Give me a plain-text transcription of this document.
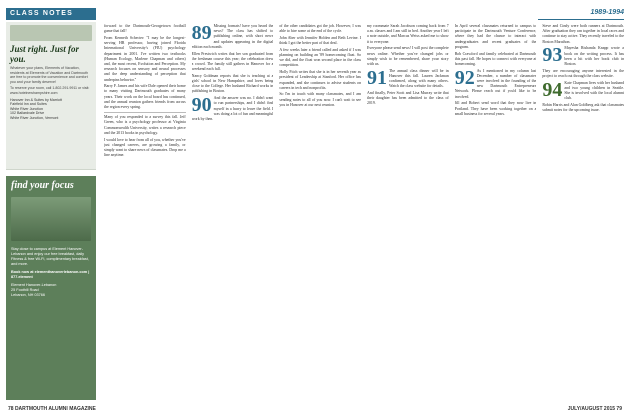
CLASS NOTES
Just right. Just for you.

Whatever your plans, Elements of Vacation, residents at Elements of Vacation and Dartmouth are free to promote the convenience and comfort you and your family deserve!

To reserve your room, call 1.802.291.9911 or visit: www.hotelnewhampshire.com

Hanover Inn & Suites by Marriott
Fairfield Inn and Suites
White River Junction
102 Ballardvale Drive
White River Junction, Vermont
find your focus

Stay close to campus at Element Hanover-Lebanon and enjoy our free breakfast, daily Fitness & free Wi-Fi, complimentary breakfast, and more.

Book now at elementhanoverlebanon.com | 877.element

Element Hanover-Lebanon
25 Foothill Road
Lebanon, NH 03766
78 DARTMOUTH ALUMNI MAGAZINE
1989-1994

forward to the Dartmouth-Georgetown football game that fall!

From Kenneth Schecter: "I may be the longest-serving HR professor, having joined Florida International University's (FIU) psychology department in 2001. I've written two textbooks (Human Ecology, Marlene Chapman and others) and, the most recent, Evolution and Perception. My research focuses on sensory and neural processes and the deep understanding of perception that underpins behavior."

Barry F. James and his wife Dale opened their home to many visiting Dartmouth graduates of many years. Their work on the local board has continued, and the annual reunion gathers friends from across the region every spring.

Many of you responded to a survey this fall. Jeff Green, who is a psychology professor at Virginia Commonwealth University, writes a research piece and the 2013 books in psychology.

I would love to hear from all of you, whether you've just changed careers, are growing a family, or simply want to share news of classmates. Drop me a line anytime.

89 Missing formats! have you heard the news? The class has shifted to publishing online, with short news and updates appearing in the digital edition each month.

Ellen Prestwich writes that her son graduated from the freshman course this year; the celebration drew a crowd. The family still gathers in Hanover for a weekend each fall.

Nancy Goldman reports that she is teaching at a girls' school in New Hampshire, and loves being close to the College. Her husband Richard works in publishing in Boston.

90 And the answer was no. I didn't want to run partnerships, and I didn't find myself in a hurry to leave the field. I was doing a lot of fun and meaningful work by then.

of the other candidates got the job. However, I was able to hire some at the end of the cycle.

John Aber with Jennifer Holden and Beth Levine. I think I got the better part of that deal.

A few weeks later a friend called and asked if I was planning on building an '89 homecoming float. So we did, and the float won second place in the class competition.

Holly Fitch writes that she is in her seventh year as president of Leadership at Stanford. Her office has expanded, and she continues to advise students on careers in tech and nonprofits.

So I'm in touch with many classmates, and I am sending notes to all of you now. I can't wait to see you in Hanover at our next reunion.

my roommate Sarah Jacobson coming back from 7 a.m. classes and I am still in bed. Another year I left a note outside, and Marcus Weiss asked me to show it to everyone.

Everyone please send news! I will post the complete news online. Whether you've changed jobs or simply wish to be remembered, share your story with us.

91 The annual class dinner will be in Hanover this fall. Lauren Jackman confirmed, along with many others. Watch the class website for details.

And finally, Peter Scott and Lisa Murray write that their daughter has been admitted to the class of 2019.

In April several classmates returned to campus to participate in the Dartmouth Venture Conference, where they had the chance to interact with undergraduates and recent graduates of the program.

Bob Crawford and family celebrated at Dartmouth this past fall. He hopes to connect with everyone at homecoming.

92 As I mentioned in my column last December, a number of classmates were involved in the founding of the new Dartmouth Entrepreneurs Network. Please reach out if you'd like to be involved.

Jill and Robert send word that they now live in Portland. They have been working together on a small business for several years.

Steve and Cindy were both runners at Dartmouth. After graduation they ran together in local races and continue to stay active. They recently traveled to the Boston Marathon.

93 Mayesha Rishanda Knapp wrote a book on the writing process. It has been a hit with her book club in Boston.

They are encouraging anyone interested in the project to reach out through the class website.

94 Kate Chapman lives with her husband and two young children in Seattle. She is involved with the local alumni club.

Robin Harris and Alan Goldberg ask that classmates submit notes for the upcoming issue.

JULY/AUGUST 2015 79
